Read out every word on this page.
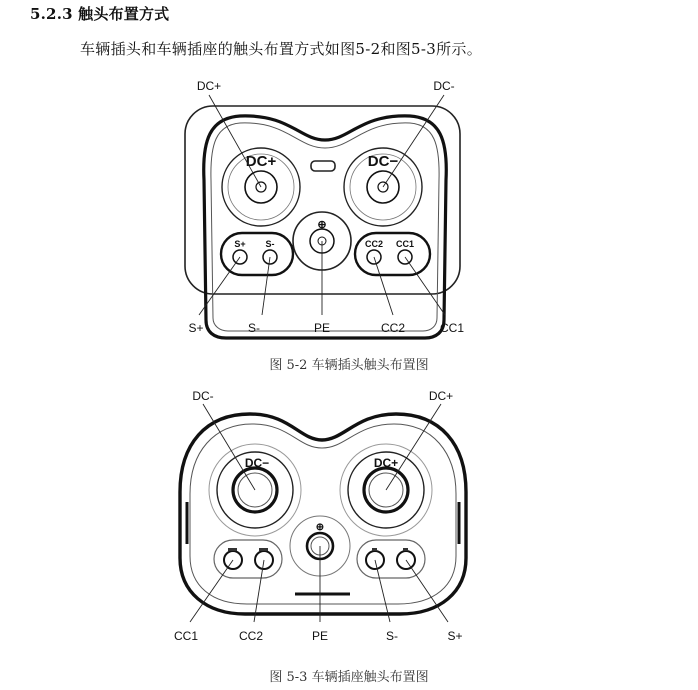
5.2.3 触头布置方式
车辆插头和车辆插座的触头布置方式如图5-2和图5-3所示。
DC+	DC-
DC+	DC−
⊕
S+ S-	CC2 CC1
S+	S-	PE	CC2	CC1
图 5-2 车辆插头触头布置图
DC-	DC+
DC−	DC+
⊕
CC1	CC2	PE	S-	S+
图 5-3 车辆插座触头布置图
